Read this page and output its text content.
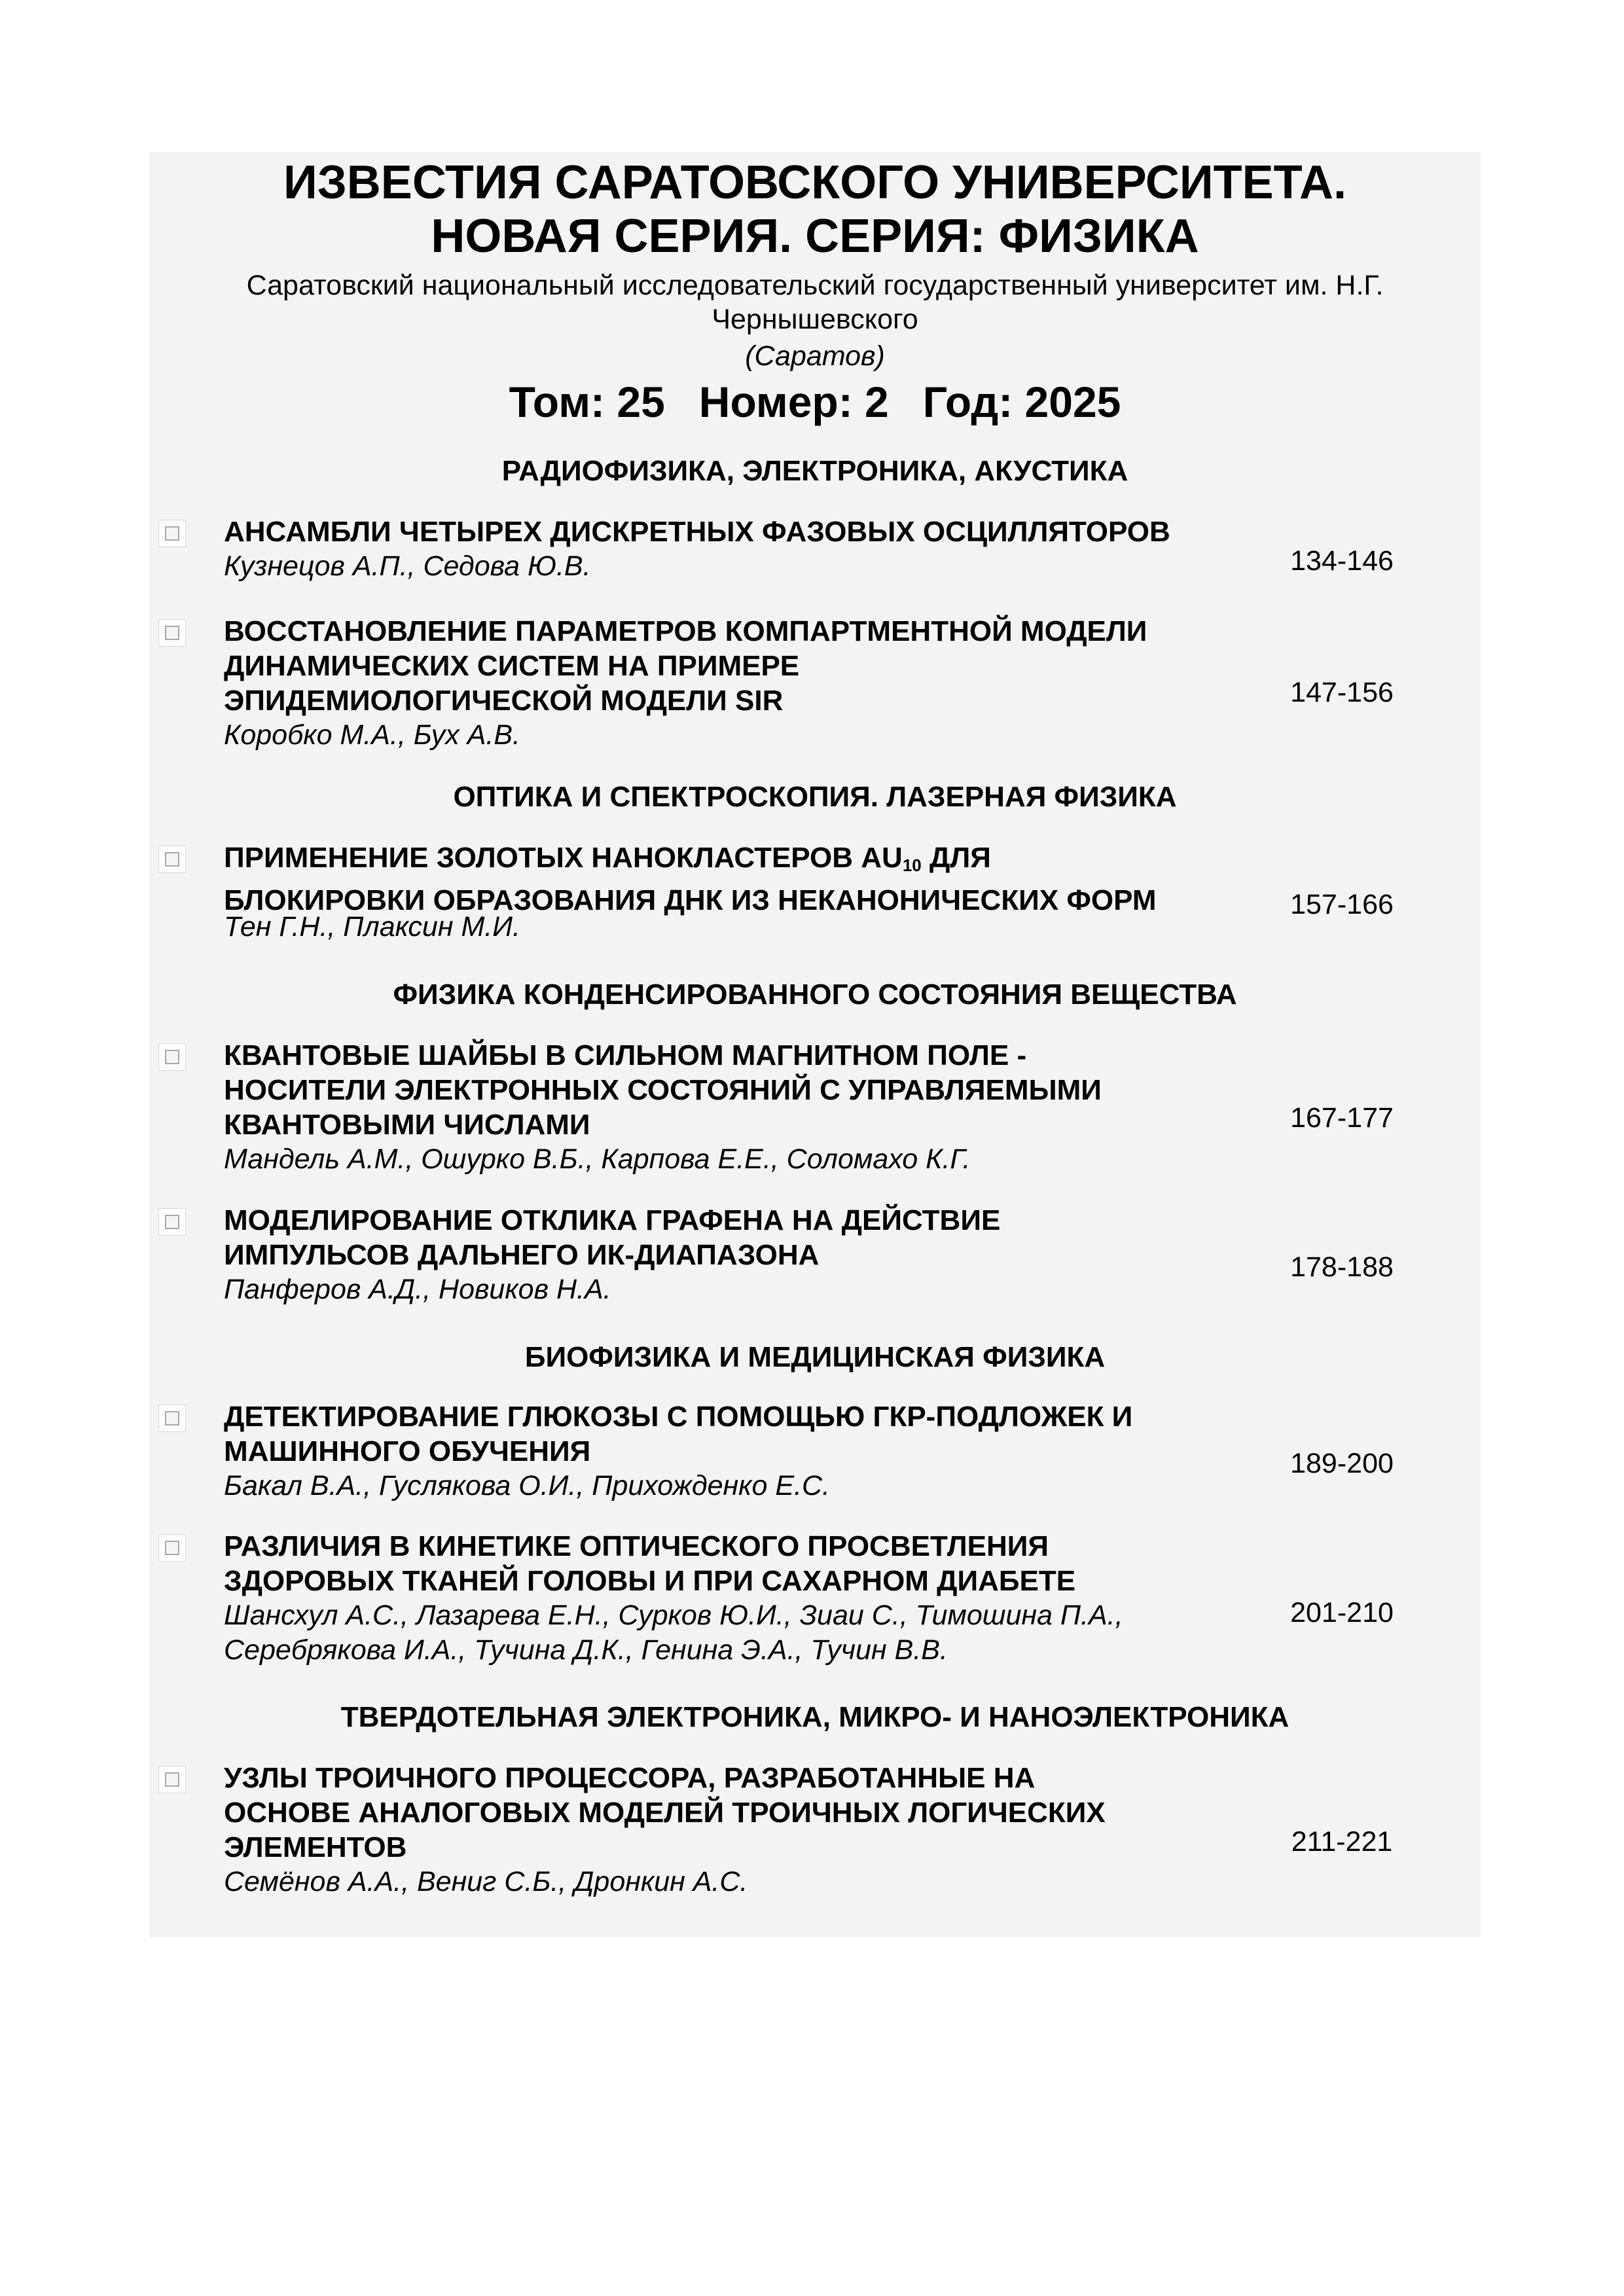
ИЗВЕСТИЯ САРАТОВСКОГО УНИВЕРСИТЕТА.
НОВАЯ СЕРИЯ. СЕРИЯ: ФИЗИКА
Саратовский национальный исследовательский государственный университет им. Н.Г.
Чернышевского
(Саратов)
Том: 25 Номер: 2 Год: 2025
РАДИОФИЗИКА, ЭЛЕКТРОНИКА, АКУСТИКА
АНСАМБЛИ ЧЕТЫРЕХ ДИСКРЕТНЫХ ФАЗОВЫХ ОСЦИЛЛЯТОРОВ
Кузнецов А.П., Седова Ю.В.	134-146
ВОССТАНОВЛЕНИЕ ПАРАМЕТРОВ КОМПАРТМЕНТНОЙ МОДЕЛИ
ДИНАМИЧЕСКИХ СИСТЕМ НА ПРИМЕРЕ
ЭПИДЕМИОЛОГИЧЕСКОЙ МОДЕЛИ SIR
Коробко М.А., Бух А.В.
147-156
ОПТИКА И СПЕКТРОСКОПИЯ. ЛАЗЕРНАЯ ФИЗИКА
ПРИМЕНЕНИЕ ЗОЛОТЫХ НАНОКЛАСТЕРОВ $AU_{10}$ ДЛЯ
БЛОКИРОВКИ ОБРАЗОВАНИЯ ДНК ИЗ НЕКАНОНИЧЕСКИХ ФОРМ
Тен Г.Н., Плаксин М.И.
157-166
ФИЗИКА КОНДЕНСИРОВАННОГО СОСТОЯНИЯ ВЕЩЕСТВА
КВАНТОВЫЕ ШАЙБЫ В СИЛЬНОМ МАГНИТНОМ ПОЛЕ -
НОСИТЕЛИ ЭЛЕКТРОННЫХ СОСТОЯНИЙ С УПРАВЛЯЕМЫМИ
КВАНТОВЫМИ ЧИСЛАМИ
Мандель А.М., Ошурко В.Б., Карпова Е.Е., Соломахо К.Г.
167-177
МОДЕЛИРОВАНИЕ ОТКЛИКА ГРАФЕНА НА ДЕЙСТВИЕ
ИМПУЛЬСОВ ДАЛЬНЕГО ИК-ДИАПАЗОНА
Панферов А.Д., Новиков Н.А.
178-188
БИОФИЗИКА И МЕДИЦИНСКАЯ ФИЗИКА
ДЕТЕКТИРОВАНИЕ ГЛЮКОЗЫ С ПОМОЩЬЮ ГКР-ПОДЛОЖЕК И
МАШИННОГО ОБУЧЕНИЯ
Бакал В.А., Гуслякова О.И., Прихожденко Е.С.
189-200
РАЗЛИЧИЯ В КИНЕТИКЕ ОПТИЧЕСКОГО ПРОСВЕТЛЕНИЯ
ЗДОРОВЫХ ТКАНЕЙ ГОЛОВЫ И ПРИ САХАРНОМ ДИАБЕТЕ
Шансхул А.С., Лазарева Е.Н., Сурков Ю.И., Зиаи С., Тимошина П.А.,
Серебрякова И.А., Тучина Д.К., Генина Э.А., Тучин В.В.
201-210
ТВЕРДОТЕЛЬНАЯ ЭЛЕКТРОНИКА, МИКРО- И НАНОЭЛЕКТРОНИКА
УЗЛЫ ТРОИЧНОГО ПРОЦЕССОРА, РАЗРАБОТАННЫЕ НА
ОСНОВЕ АНАЛОГОВЫХ МОДЕЛЕЙ ТРОИЧНЫХ ЛОГИЧЕСКИХ
ЭЛЕМЕНТОВ
Семёнов А.А., Вениг С.Б., Дронкин А.С.
211-221
